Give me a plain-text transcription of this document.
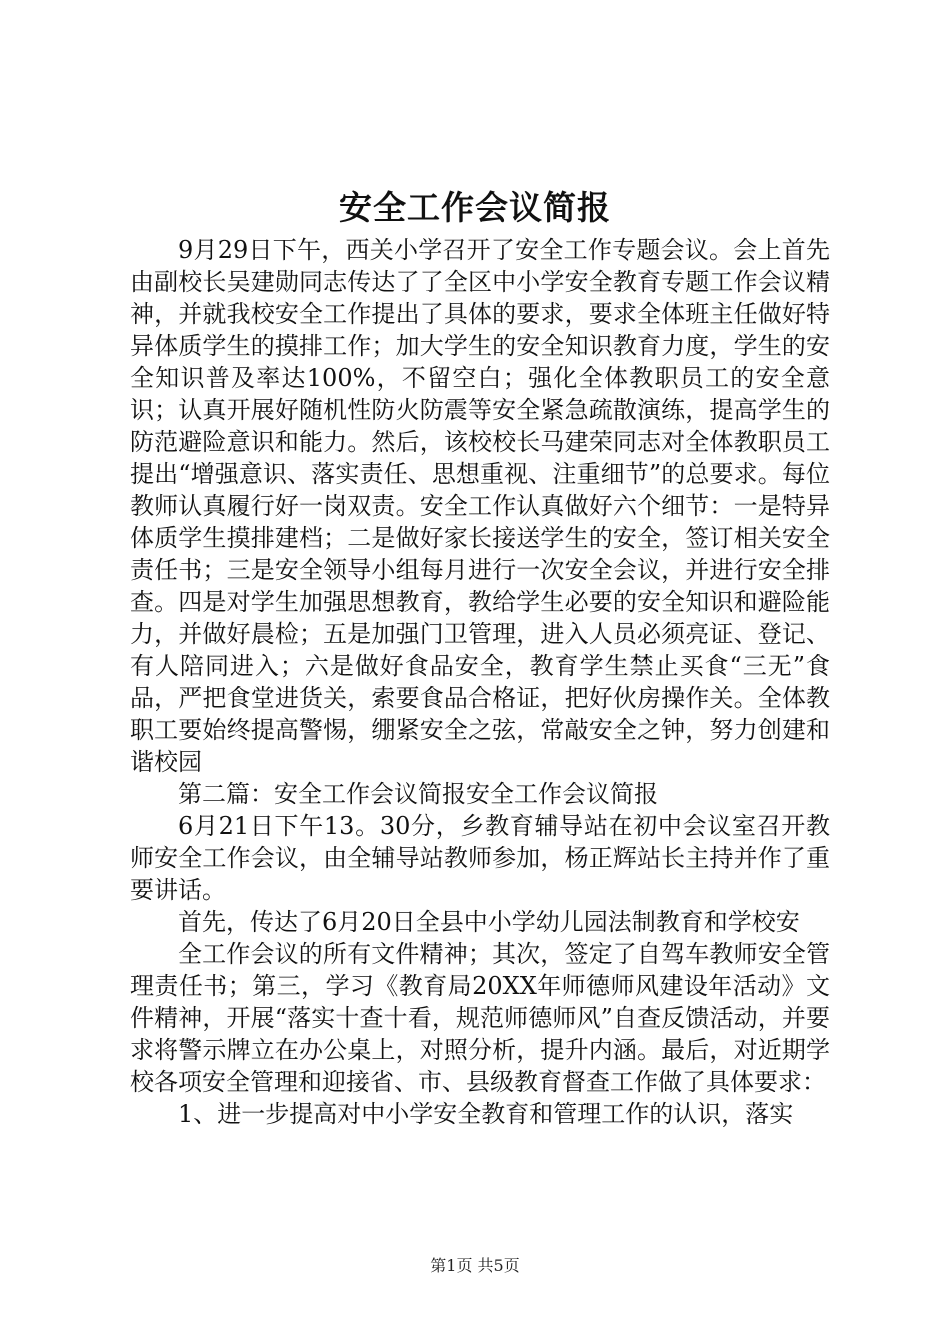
安全工作会议简报

9月29日下午，西关小学召开了安全工作专题会议。会上首先由副校长吴建勋同志传达了了全区中小学安全教育专题工作会议精神，并就我校安全工作提出了具体的要求，要求全体班主任做好特异体质学生的摸排工作；加大学生的安全知识教育力度，学生的安全知识普及率达100%，不留空白；强化全体教职员工的安全意识；认真开展好随机性防火防震等安全紧急疏散演练，提高学生的防范避险意识和能力。然后，该校校长马建荣同志对全体教职员工提出“增强意识、落实责任、思想重视、注重细节”的总要求。每位教师认真履行好一岗双责。安全工作认真做好六个细节：一是特异体质学生摸排建档；二是做好家长接送学生的安全，签订相关安全责任书；三是安全领导小组每月进行一次安全会议，并进行安全排查。四是对学生加强思想教育，教给学生必要的安全知识和避险能力，并做好晨检；五是加强门卫管理，进入人员必须亮证、登记、有人陪同进入；六是做好食品安全，教育学生禁止买食“三无”食品，严把食堂进货关，索要食品合格证，把好伙房操作关。全体教职工要始终提高警惕，绷紧安全之弦，常敲安全之钟，努力创建和谐校园

第二篇：安全工作会议简报安全工作会议简报

6月21日下午13。30分，乡教育辅导站在初中会议室召开教师安全工作会议，由全辅导站教师参加，杨正辉站长主持并作了重要讲话。

首先，传达了6月20日全县中小学幼儿园法制教育和学校安

全工作会议的所有文件精神；其次，签定了自驾车教师安全管理责任书；第三，学习《教育局20XX年师德师风建设年活动》文件精神，开展“落实十查十看，规范师德师风”自查反馈活动，并要求将警示牌立在办公桌上，对照分析，提升内涵。最后，对近期学校各项安全管理和迎接省、市、县级教育督查工作做了具体要求：

1、进一步提高对中小学安全教育和管理工作的认识，落实

第1页 共5页
